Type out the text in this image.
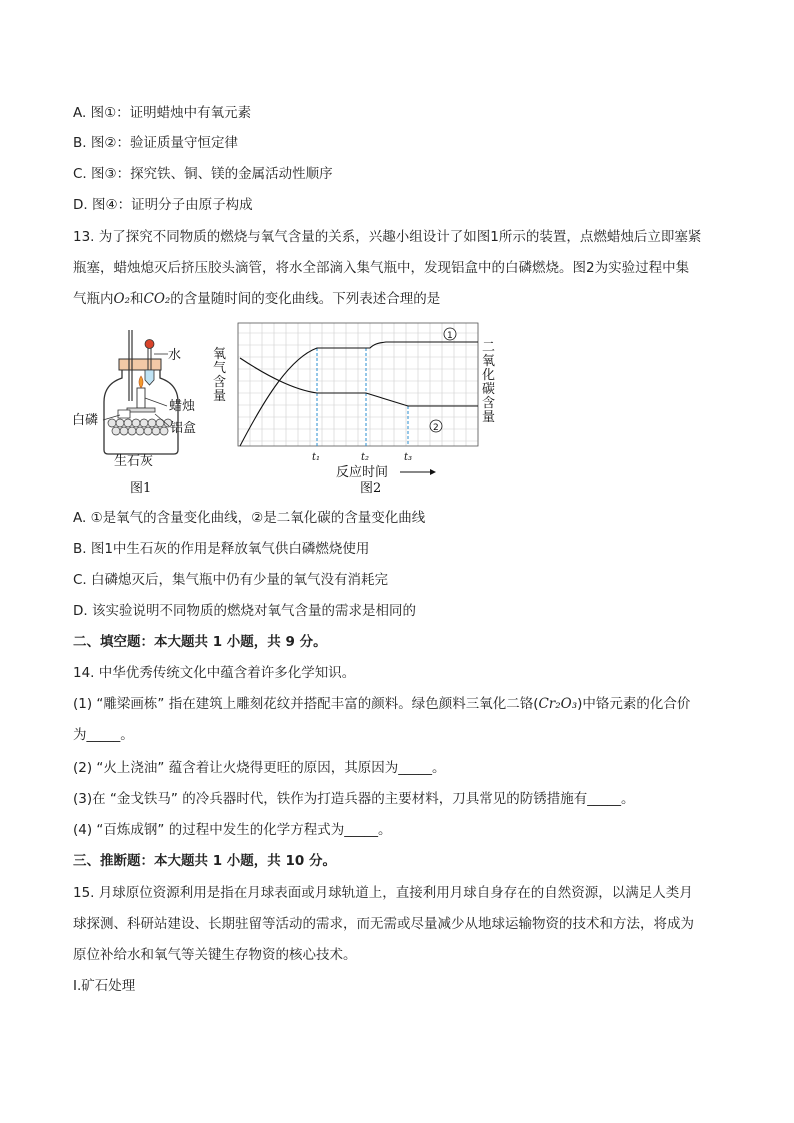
A. 图①：证明蜡烛中有氧元素
B. 图②：验证质量守恒定律
C. 图③：探究铁、铜、镁的金属活动性顺序
D. 图④：证明分子由原子构成
13. 为了探究不同物质的燃烧与氧气含量的关系，兴趣小组设计了如图1所示的装置，点燃蜡烛后立即塞紧
瓶塞，蜡烛熄灭后挤压胶头滴管，将水全部滴入集气瓶中，发现铝盒中的白磷燃烧。图2为实验过程中集
气瓶内O₂和CO₂的含量随时间的变化曲线。下列表述合理的是
水
蜡烛
铝盒
白磷
生石灰
图1
1
2
氧
气
含
量
二
氧
化
碳
含
量
t₁	t₂	t₃
反应时间
图2
A. ①是氧气的含量变化曲线，②是二氧化碳的含量变化曲线
B. 图1中生石灰的作用是释放氧气供白磷燃烧使用
C. 白磷熄灭后，集气瓶中仍有少量的氧气没有消耗完
D. 该实验说明不同物质的燃烧对氧气含量的需求是相同的
二、填空题：本大题共 1 小题，共 9 分。
14. 中华优秀传统文化中蕴含着许多化学知识。
(1) “雕梁画栋” 指在建筑上雕刻花纹并搭配丰富的颜料。绿色颜料三氧化二铬(Cr₂O₃)中铬元素的化合价
为_____。
(2) “火上浇油” 蕴含着让火烧得更旺的原因，其原因为_____。
(3)在 “金戈铁马” 的冷兵器时代，铁作为打造兵器的主要材料，刀具常见的防锈措施有_____。
(4) “百炼成钢” 的过程中发生的化学方程式为_____。
三、推断题：本大题共 1 小题，共 10 分。
15. 月球原位资源利用是指在月球表面或月球轨道上，直接利用月球自身存在的自然资源，以满足人类月
球探测、科研站建设、长期驻留等活动的需求，而无需或尽量减少从地球运输物资的技术和方法，将成为
原位补给水和氧气等关键生存物资的核心技术。
Ⅰ.矿石处理
